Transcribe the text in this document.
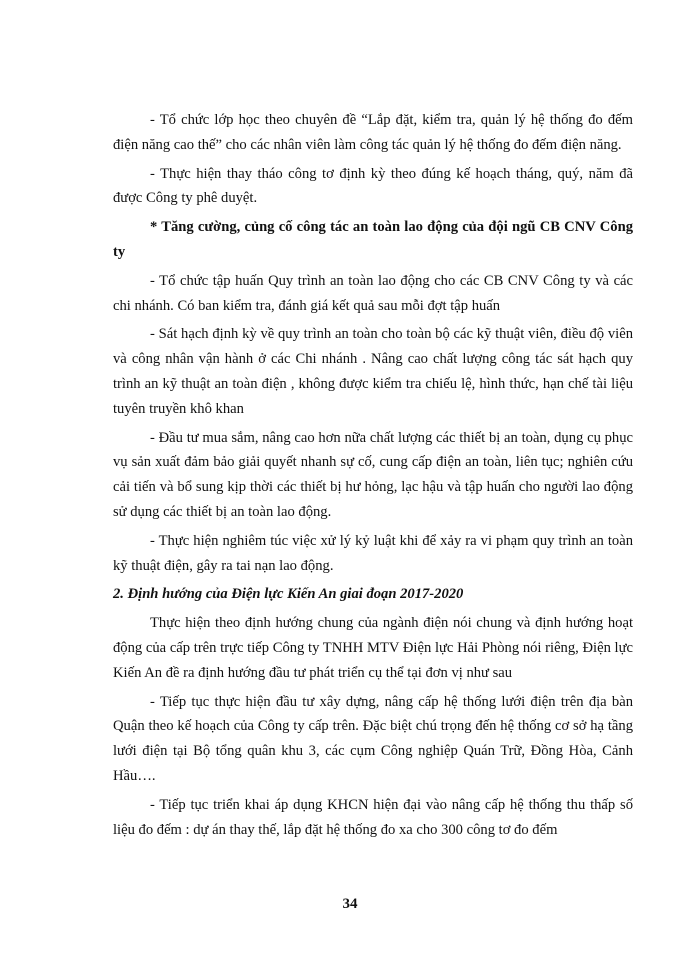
- Tổ chức lớp học theo chuyên đề “Lắp đặt, kiểm tra, quản lý hệ thống đo đếm điện năng cao thế” cho các nhân viên làm công tác quản lý hệ thống đo đếm điện năng.

- Thực hiện thay tháo công tơ định kỳ theo đúng kế hoạch tháng, quý, năm đã được Công ty phê duyệt.

* Tăng cường, củng cố công tác an toàn lao động của đội ngũ CB CNV Công ty

- Tổ chức tập huấn Quy trình an toàn lao động cho các CB CNV Công ty và các chi nhánh. Có ban kiểm tra, đánh giá kết quả sau mỗi đợt tập huấn

- Sát hạch định kỳ về quy trình an toàn cho toàn bộ các kỹ thuật viên, điều độ viên và công nhân vận hành ở các Chi nhánh . Nâng cao chất lượng công tác sát hạch quy trình an kỹ thuật an toàn điện , không được kiểm tra chiếu lệ, hình thức, hạn chế tài liệu tuyên truyền khô khan

- Đầu tư mua sắm, nâng cao hơn nữa chất lượng các thiết bị an toàn, dụng cụ phục vụ sản xuất đảm bảo giải quyết nhanh sự cố, cung cấp điện an toàn, liên tục; nghiên cứu cải tiến và bổ sung kịp thời các thiết bị hư hỏng, lạc hậu và tập huấn cho người lao động sử dụng các thiết bị an toàn lao động.

- Thực hiện nghiêm túc việc xử lý kỷ luật khi để xảy ra vi phạm quy trình an toàn kỹ thuật điện, gây ra tai nạn lao động.

2. Định hướng của Điện lực Kiến An giai đoạn 2017-2020

Thực hiện theo định hướng chung của ngành điện nói chung và định hướng hoạt động của cấp trên trực tiếp Công ty TNHH MTV Điện lực Hải Phòng nói riêng, Điện lực Kiến An đề ra định hướng đầu tư phát triển cụ thể tại đơn vị như sau

- Tiếp tục thực hiện đầu tư xây dựng, nâng cấp hệ thống lưới điện trên địa bàn Quận theo kế hoạch của Công ty cấp trên. Đặc biệt chú trọng đến hệ thống cơ sở hạ tầng lưới điện tại Bộ tổng quân khu 3, các cụm Công nghiệp Quán Trữ, Đồng Hòa, Cảnh Hầu….

- Tiếp tục triển khai áp dụng KHCN hiện đại vào nâng cấp hệ thống thu thấp số liệu đo đếm : dự án thay thế, lắp đặt hệ thống đo xa cho 300 công tơ đo đếm

34
